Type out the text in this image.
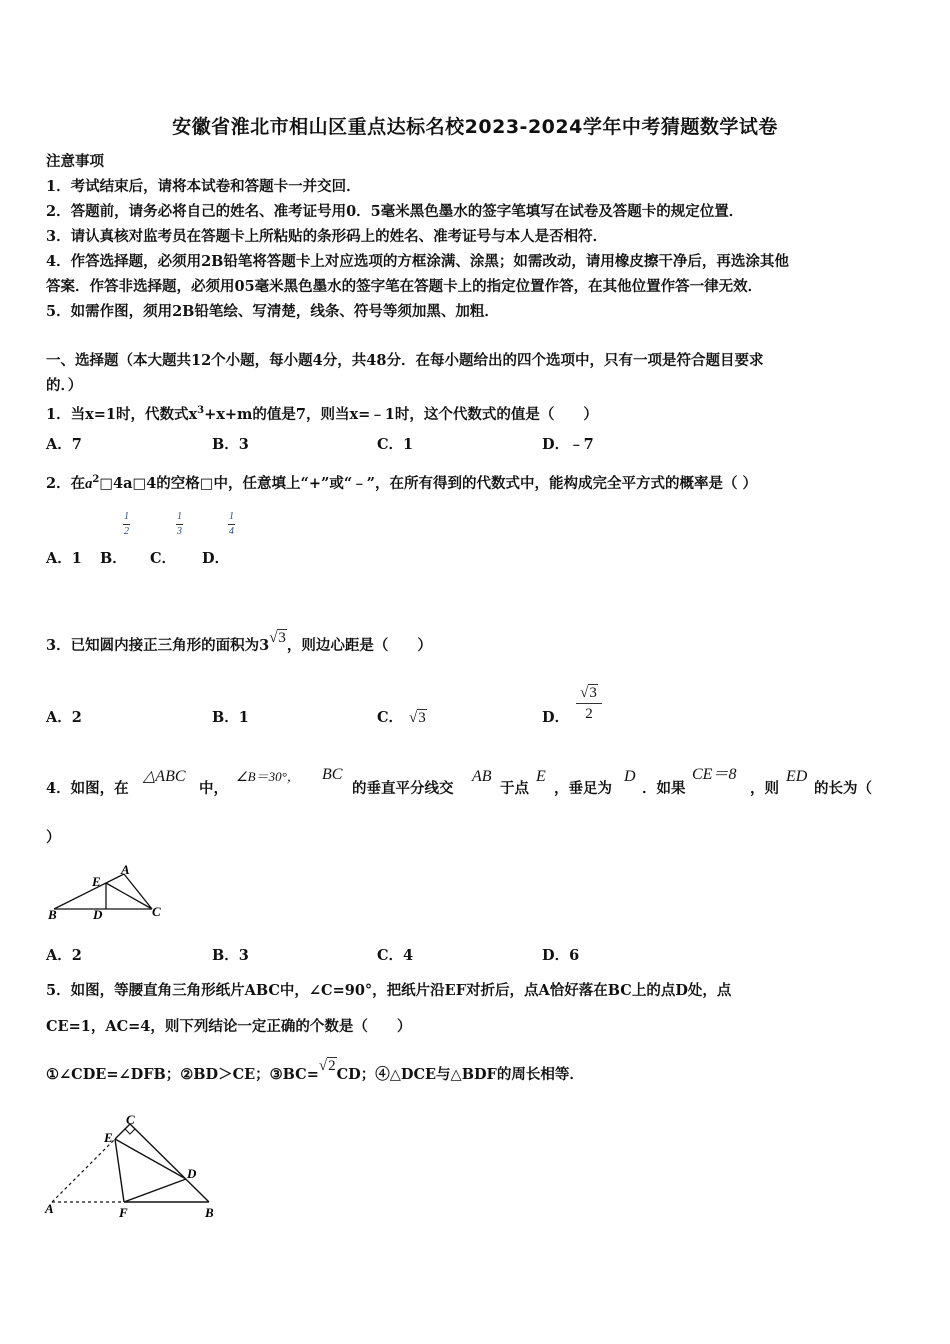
安徽省淮北市相山区重点达标名校2023-2024学年中考猜题数学试卷
注意事项
1．考试结束后，请将本试卷和答题卡一并交回．
2．答题前，请务必将自己的姓名、准考证号用0．5毫米黑色墨水的签字笔填写在试卷及答题卡的规定位置．
3．请认真核对监考员在答题卡上所粘贴的条形码上的姓名、准考证号与本人是否相符．
4．作答选择题，必须用2B铅笔将答题卡上对应选项的方框涂满、涂黑；如需改动，请用橡皮擦干净后，再选涂其他
答案．作答非选择题，必须用05毫米黑色墨水的签字笔在答题卡上的指定位置作答，在其他位置作答一律无效．
5．如需作图，须用2B铅笔绘、写清楚，线条、符号等须加黑、加粗．
一、选择题（本大题共12个小题，每小题4分，共48分．在每小题给出的四个选项中，只有一项是符合题目要求
的．）
1．当x=1时，代数式$x^3+x+m$的值是7，则当x=﹣1时，这个代数式的值是（　　）
A．7	B．3	C．1	D．﹣7
2．在$a^2□4a□4$的空格□中，任意填上“+”或“﹣”，在所有得到的代数式中，能构成完全平方式的概率是（ ）
$\frac{1}{2}$	$\frac{1}{3}$	$\frac{1}{4}$
A．1 B． C． D．
3．已知圆内接正三角形的面积为3√3，则边心距是（　　）
A．2	B．1	C． √3	D．
√3
2
4．如图，在
△ABC
中，
∠B＝30°， BC
的垂直平分线交
AB
于点
E
，垂足为
D
．如果
CE＝8
，则
ED
的长为（
）
E
A
B	D	C
A．2	B．3	C．4	D．6
5．如图，等腰直角三角形纸片ABC中，∠C=90°，把纸片沿EF对折后，点A恰好落在BC上的点D处，点
CE=1，AC=4，则下列结论一定正确的个数是（　　）
①∠CDE=∠DFB；②BD＞CE；③BC=√2CD；④△DCE与△BDF的周长相等．
C
E
D
A	F	B
